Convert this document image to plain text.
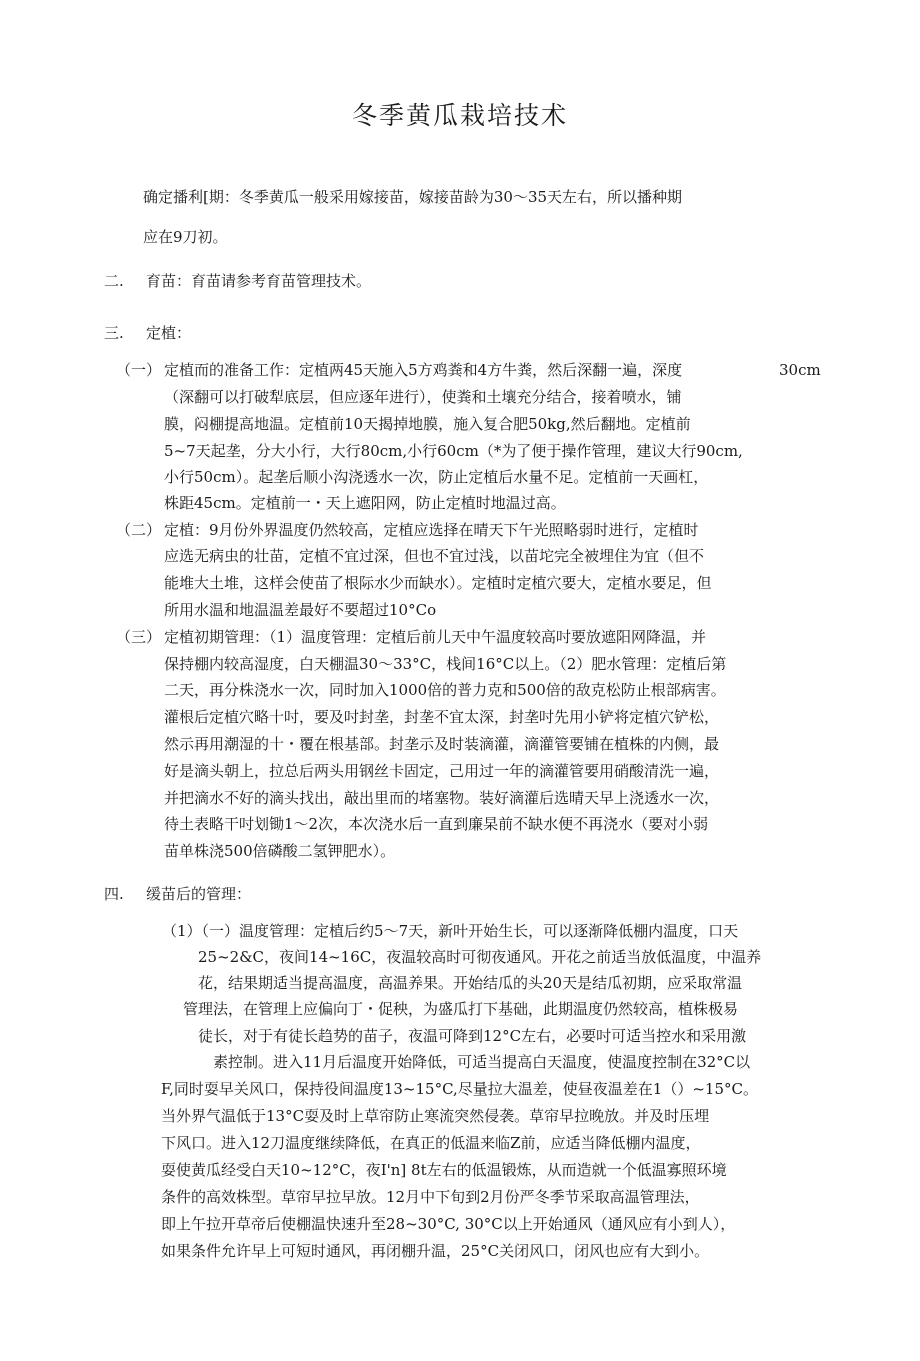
冬季黄瓜栽培技术
确定播利[期：冬季黄瓜一般采用嫁接苗，嫁接苗龄为30～35天左右，所以播种期
应在9刀初。
二. 育苗：育苗请参考育苗管理技术。
三. 定植：
（一） 定植而的准备工作：定植两45天施入5方鸡粪和4方牛粪，然后深翻一遍，深度	30cm
（深翻可以打破犁底层，但应逐年进行），使粪和土壤充分结合，接着喷水，铺
膜，闷棚提高地温。定植前10天揭掉地膜，施入复合肥50kg,然后翻地。定植前
5~7天起垄，分大小行，大行80cm,小行60cm（*为了便于操作管理，建议大行90cm,
小行50cm）。起垄后顺小沟浇透水一次，防止定植后水量不足。定植前一天画杠，
株距45cm。定植前一・天上遮阳网，防止定植时地温过高。
（二） 定植：9月份外界温度仍然较高，定植应选择在晴天下午光照略弱时进行，定植时
应选无病虫的壮苗，定植不宜过深，但也不宜过浅，以苗坨完全被埋住为宜（但不
能堆大土堆，这样会使苗了根际水少而缺水）。定植时定植穴要大，定植水要足，但
所用水温和地温温差最好不要超过10°Co
（三） 定植初期管理：（1）温度管理：定植后前儿天中午温度较高吋要放遮阳网降温，并
保持棚内较高湿度，白天棚温30～33°C，栈间16°C以上。（2）肥水管理：定植后第
二天，再分株浇水一次，同时加入1000倍的普力克和500倍的敌克松防止根部病害。
灌根后定植穴略十吋，要及吋封垄，封垄不宜太深，封垄吋先用小铲将定植穴铲松，
然示再用潮湿的十・覆在根基部。封垄示及时装滴灌，滴灌管要铺在植株的内侧，最
好是滴头朝上，拉总后两头用钢丝卡固定，己用过一年的滴灌管要用硝酸清洗一遍，
并把滴水不好的滴头找出，敲出里而的堵塞物。装好滴灌后选晴天早上浇透水一次，
待土表略干吋划锄1～2次，本次浇水后一直到廉杲前不缺水便不再浇水（要对小弱
苗单株浇500倍磷酸二氢钾肥水）。
四. 缓苗后的管理：
（1）（一）温度管理：定植后约5～7天，新叶开始生长，可以逐渐降低棚内温度，口天
25~2&C，夜间14~16C，夜温较高时可彻夜通风。开花之前适当放低温度，中温养
花，结果期适当提高温度，高温养果。开始结瓜的头20天是结瓜初期，应采取常温
管理法，在管理上应偏向丁・促秧，为盛瓜打下基础，此期温度仍然较高，植株极易
徒长，对于有徒长趋势的苗子，夜温可降到12°C左右，必要吋可适当控水和采用激
素控制。进入11月后温度开始降低，可适当提高白天温度，使温度控制在32°C以
F,同时耍早关风口，保持役间温度13~15°C,尽量拉大温差，使昼夜温差在1（）~15°C。
当外界气温低于13°C耍及时上草帘防止寒流突然侵袭。草帘早拉晚放。并及时压埋
下风口。进入12刀温度继续降低，在真正的低温来临Z前，应适当降低棚内温度，
耍使黄瓜经受白天10~12°C，夜I'n] 8t左右的低温锻炼，从而造就一个低温寡照环境
条件的高效株型。草帘早拉早放。12月中下旬到2月份严冬季节采取高温管理法，
即上午拉开草帝后使棚温快速升至28~30°C, 30°C以上开始通风（通风应有小到人），
如果条件允许早上可短时通风，再闭棚升温，25°C关闭风口，闭风也应有大到小。
